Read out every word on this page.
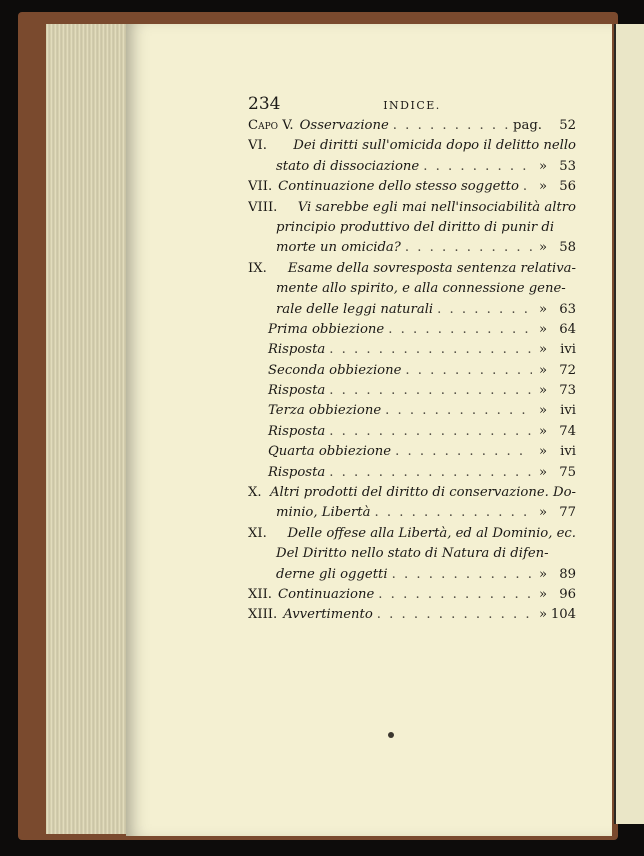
234	INDICE.
Capo V. Osservazione . . .	pag.	52
VI. Dei diritti sull'omicida dopo il delitto nello
stato di dissociazione . . .	» 53
VII. Continuazione dello stesso soggetto . . . » 56
VIII. Vi sarebbe egli mai nell'insociabilità altro
principio produttivo del diritto di punir di
morte un omicida? . . .	» 58
IX. Esame della sovresposta sentenza relativa-
mente allo spirito, e alla connessione gene-
rale delle leggi naturali . . .	» 63
Prima obbiezione . . .	» 64
Risposta . . .	» ivi
Seconda obbiezione . . .	» 72
Risposta . . .	» 73
Terza obbiezione . . .	» ivi
Risposta . . .	» 74
Quarta obbiezione . . .	» ivi
Risposta . . .	» 75
X. Altri prodotti del diritto di conservazione. Do-
minio, Libertà . . .	» 77
XI. Delle offese alla Libertà, ed al Dominio, ec.
Del Diritto nello stato di Natura di difen-
derne gli oggetti . . .	» 89
XII. Continuazione . . .	» 96
XIII. Avvertimento . . .	» 104
